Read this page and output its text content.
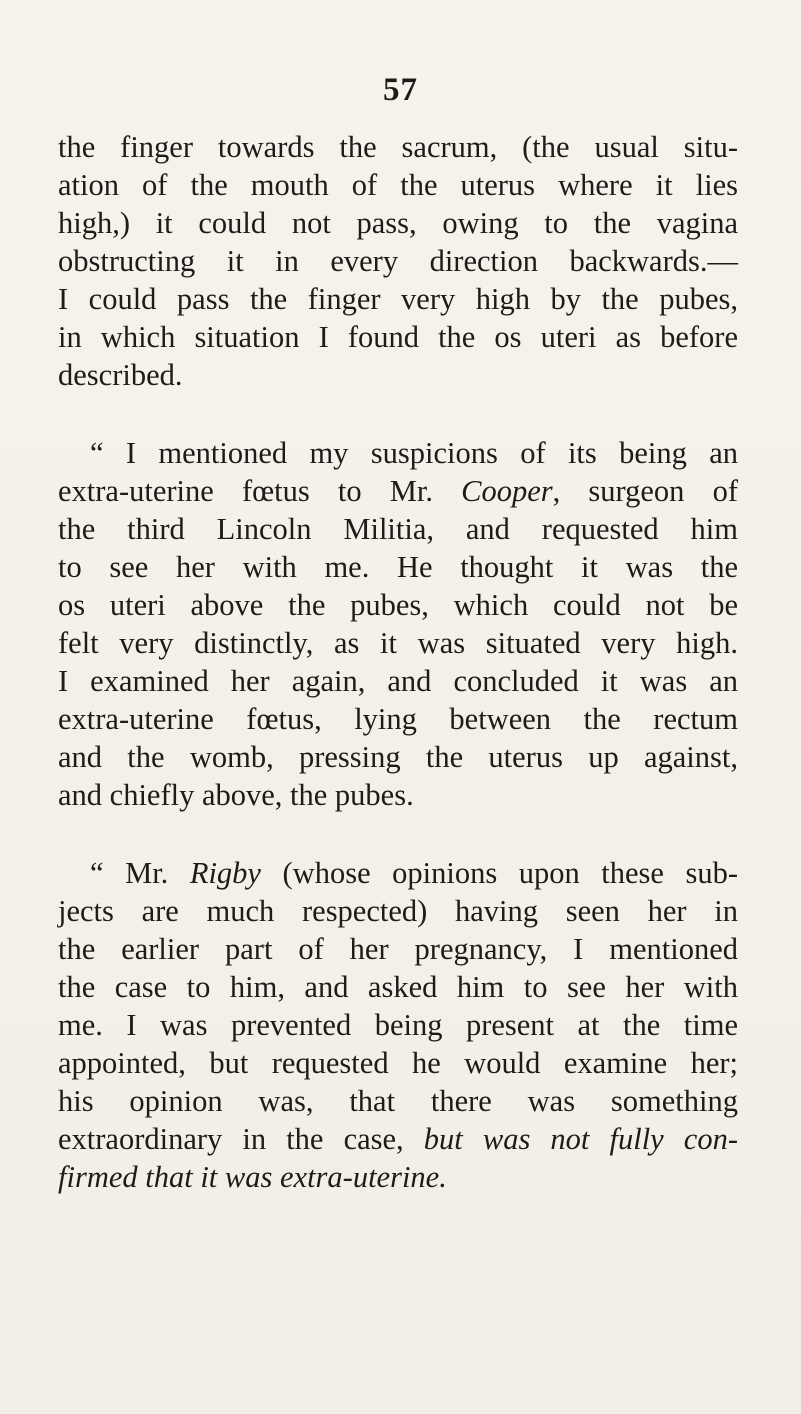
57
the finger towards the sacrum, (the usual situ-
ation of the mouth of the uterus where it lies
high,) it could not pass, owing to the vagina
obstructing it in every direction backwards.—
I could pass the finger very high by the pubes,
in which situation I found the os uteri as before
described.
“ I mentioned my suspicions of its being an
extra-uterine fœtus to Mr. Cooper, surgeon of
the third Lincoln Militia, and requested him
to see her with me. He thought it was the
os uteri above the pubes, which could not be
felt very distinctly, as it was situated very high.
I examined her again, and concluded it was an
extra-uterine fœtus, lying between the rectum
and the womb, pressing the uterus up against,
and chiefly above, the pubes.
“ Mr. Rigby (whose opinions upon these sub-
jects are much respected) having seen her in
the earlier part of her pregnancy, I mentioned
the case to him, and asked him to see her with
me. I was prevented being present at the time
appointed, but requested he would examine her;
his opinion was, that there was something
extraordinary in the case, but was not fully con-
firmed that it was extra-uterine.
